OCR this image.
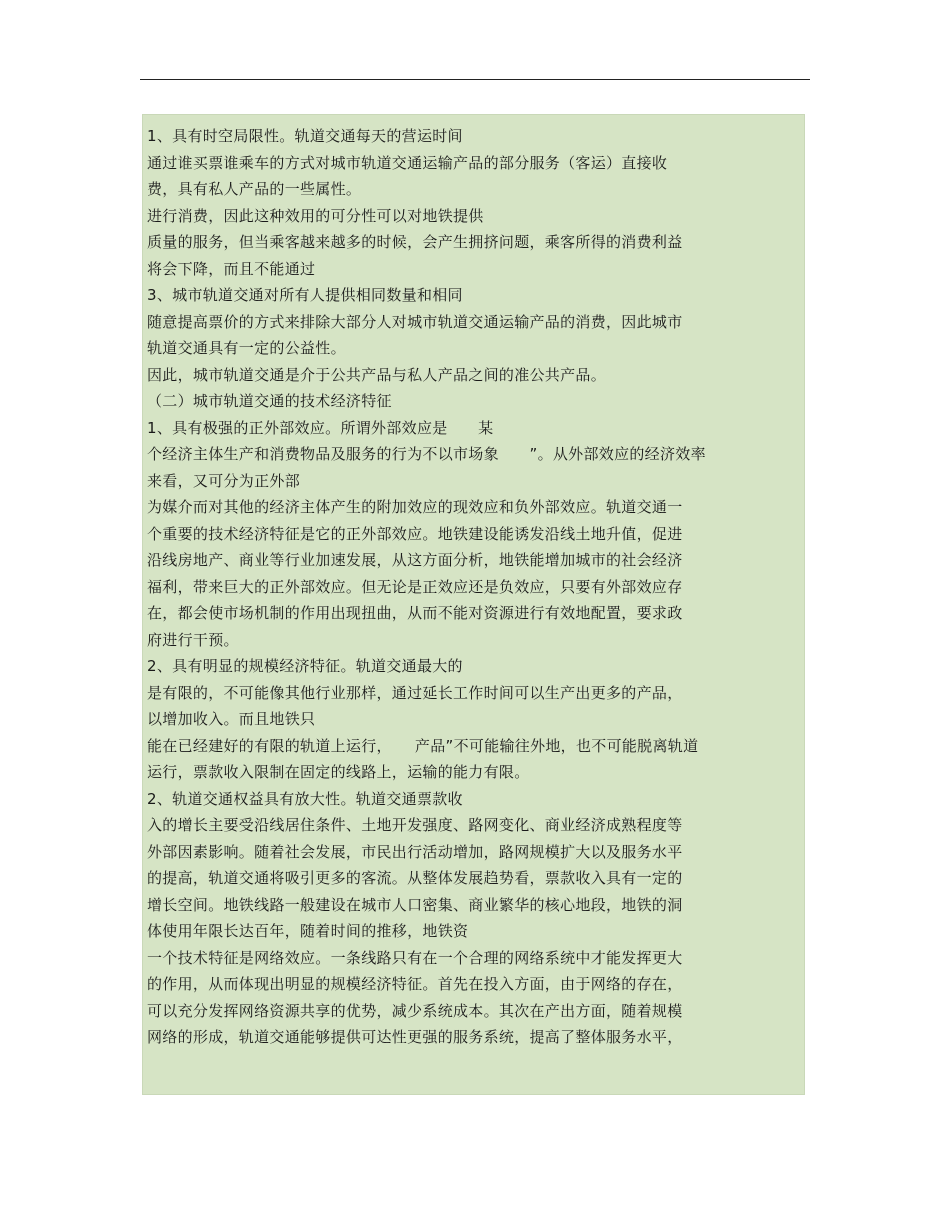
1、具有时空局限性。轨道交通每天的营运时间
通过谁买票谁乘车的方式对城市轨道交通运输产品的部分服务（客运）直接收
费，具有私人产品的一些属性。
进行消费，因此这种效用的可分性可以对地铁提供
质量的服务，但当乘客越来越多的时候，会产生拥挤问题，乘客所得的消费利益
将会下降，而且不能通过
3、城市轨道交通对所有人提供相同数量和相同
随意提高票价的方式来排除大部分人对城市轨道交通运输产品的消费，因此城市
轨道交通具有一定的公益性。
因此，城市轨道交通是介于公共产品与私人产品之间的准公共产品。
（二）城市轨道交通的技术经济特征
1、具有极强的正外部效应。所谓外部效应是　　某
个经济主体生产和消费物品及服务的行为不以市场象　　”。从外部效应的经济效率
来看，又可分为正外部
为媒介而对其他的经济主体产生的附加效应的现效应和负外部效应。轨道交通一
个重要的技术经济特征是它的正外部效应。地铁建设能诱发沿线土地升值，促进
沿线房地产、商业等行业加速发展，从这方面分析，地铁能增加城市的社会经济
福利，带来巨大的正外部效应。但无论是正效应还是负效应，只要有外部效应存
在，都会使市场机制的作用出现扭曲，从而不能对资源进行有效地配置，要求政
府进行干预。
2、具有明显的规模经济特征。轨道交通最大的
是有限的，不可能像其他行业那样，通过延长工作时间可以生产出更多的产品，
以增加收入。而且地铁只
能在已经建好的有限的轨道上运行，　　产品”不可能输往外地，也不可能脱离轨道
运行，票款收入限制在固定的线路上，运输的能力有限。
2、轨道交通权益具有放大性。轨道交通票款收
入的增长主要受沿线居住条件、土地开发强度、路网变化、商业经济成熟程度等
外部因素影响。随着社会发展，市民出行活动增加，路网规模扩大以及服务水平
的提高，轨道交通将吸引更多的客流。从整体发展趋势看，票款收入具有一定的
增长空间。地铁线路一般建设在城市人口密集、商业繁华的核心地段，地铁的洞
体使用年限长达百年，随着时间的推移，地铁资
一个技术特征是网络效应。一条线路只有在一个合理的网络系统中才能发挥更大
的作用，从而体现出明显的规模经济特征。首先在投入方面，由于网络的存在，
可以充分发挥网络资源共享的优势，减少系统成本。其次在产出方面，随着规模
网络的形成，轨道交通能够提供可达性更强的服务系统，提高了整体服务水平，
